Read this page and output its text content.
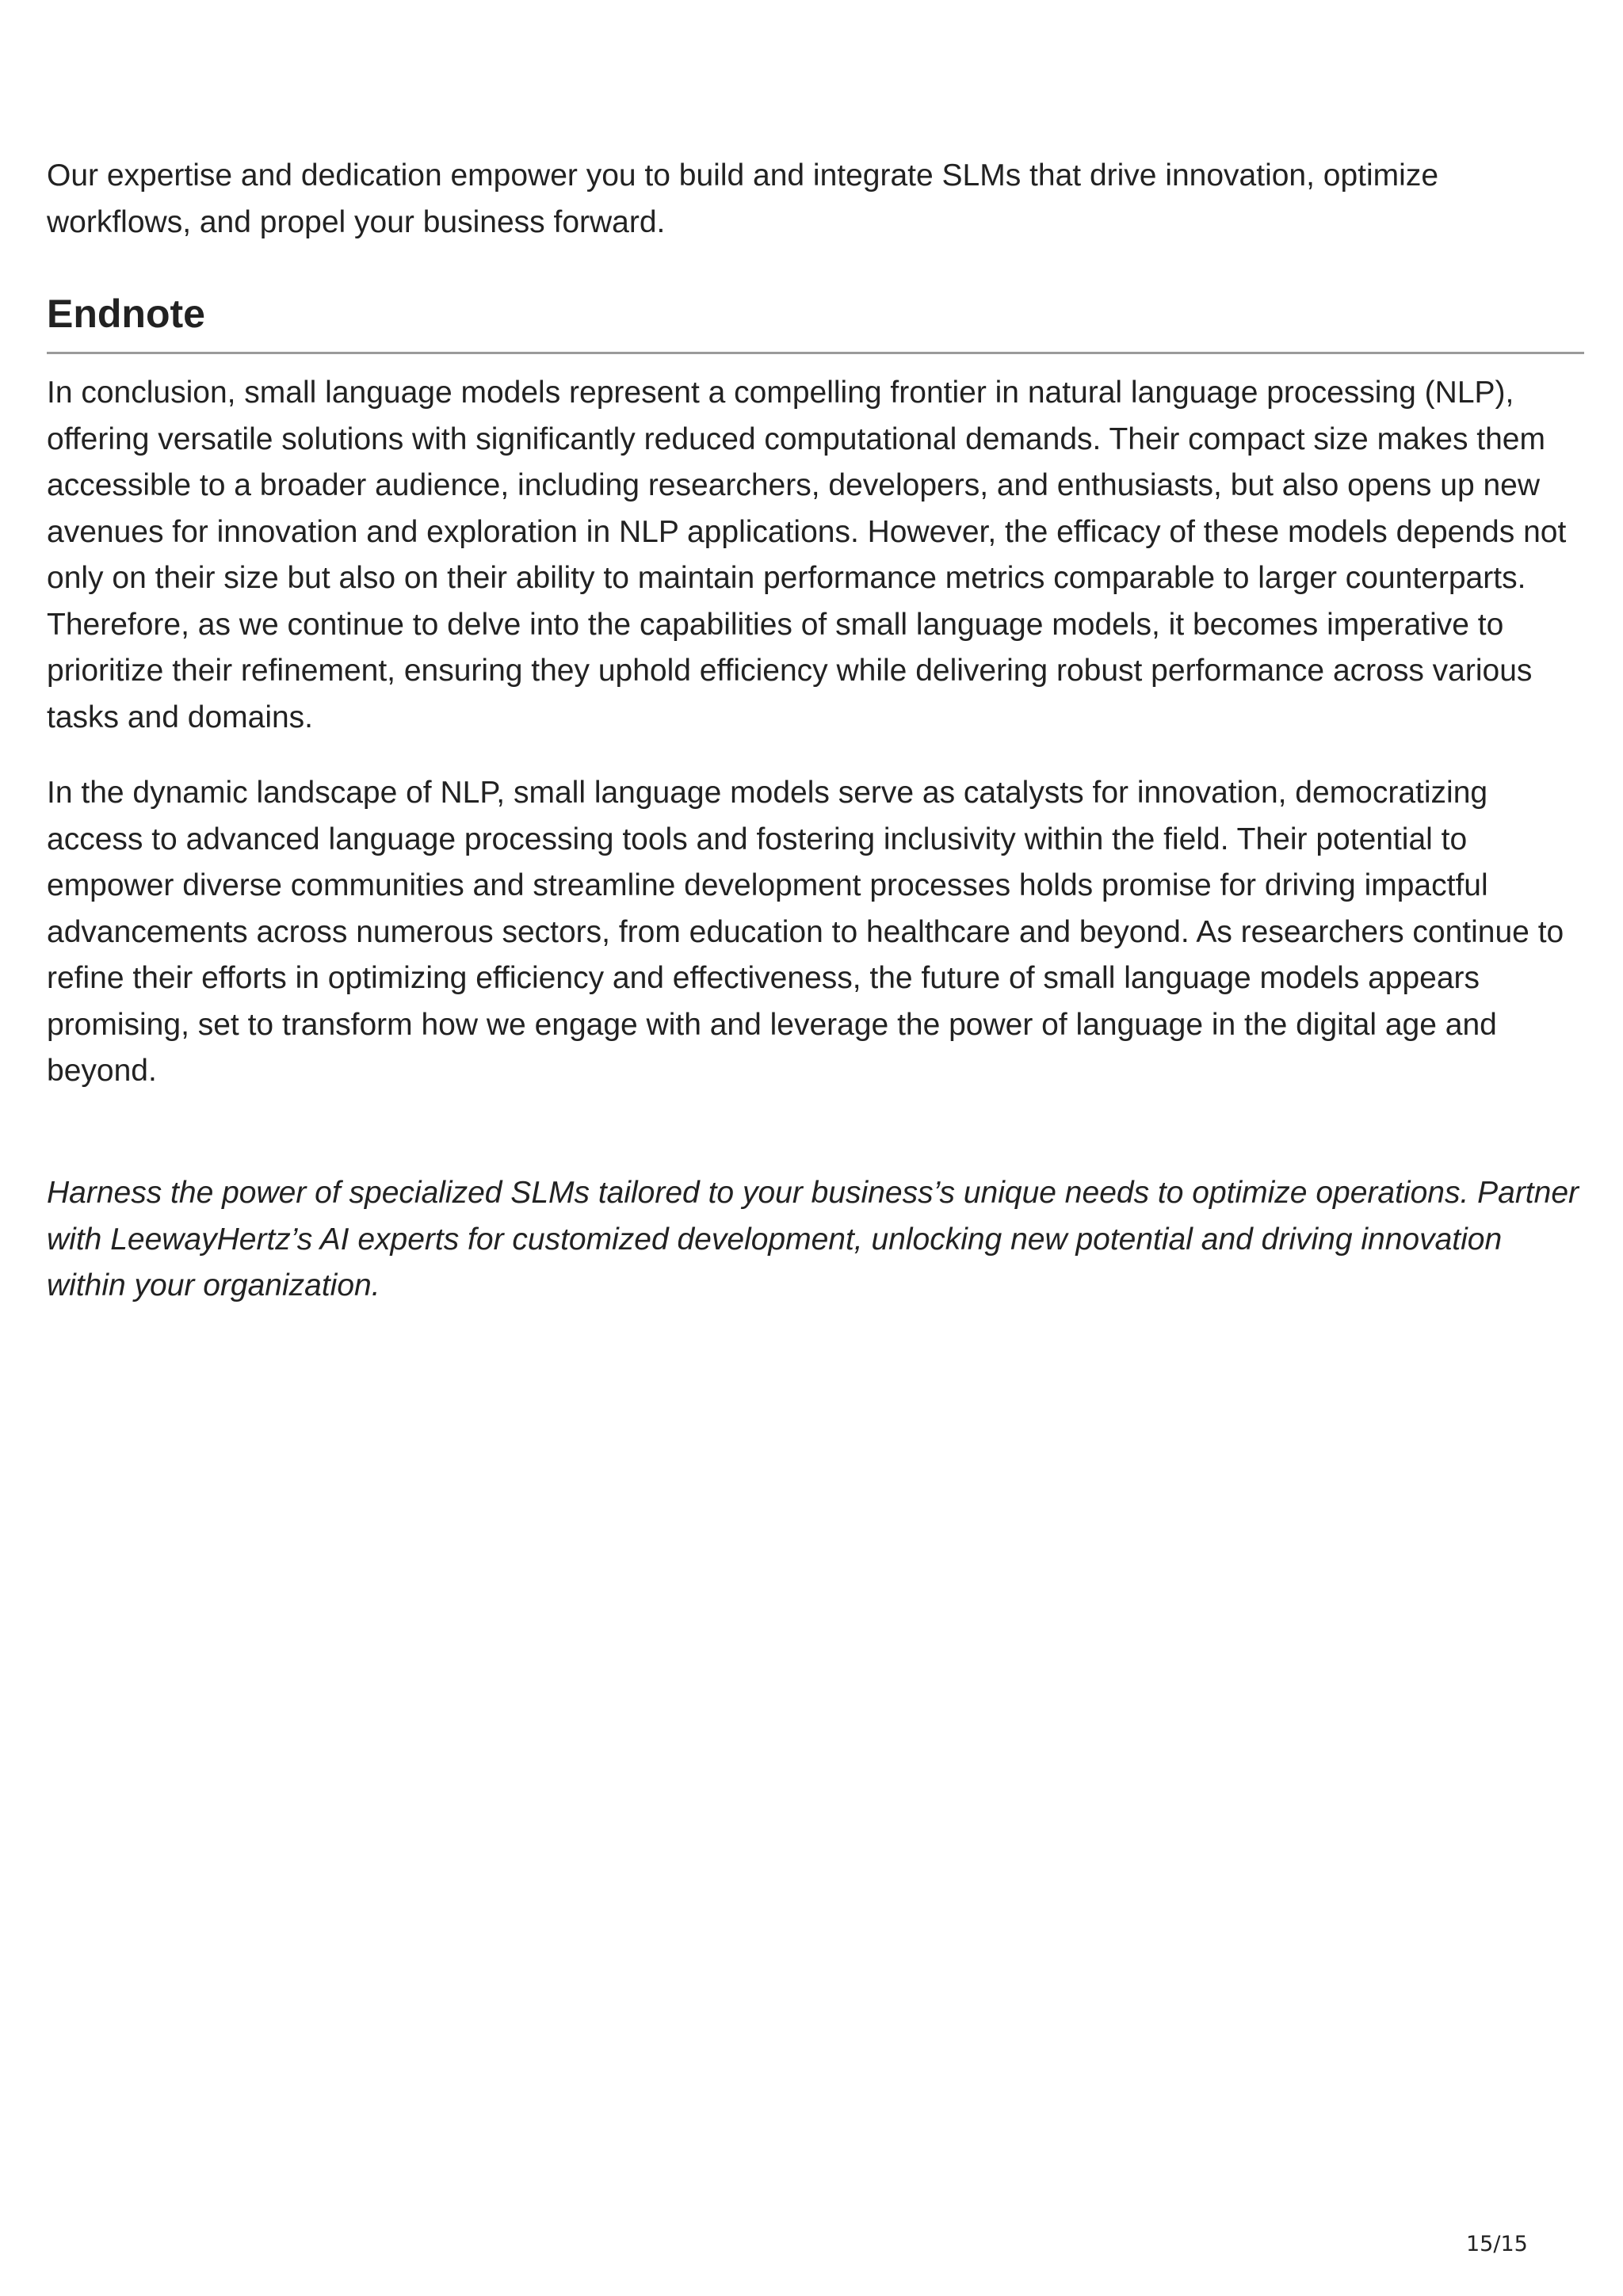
Our expertise and dedication empower you to build and integrate SLMs that drive innovation, optimize workflows, and propel your business forward.

Endnote

In conclusion, small language models represent a compelling frontier in natural language processing (NLP), offering versatile solutions with significantly reduced computational demands. Their compact size makes them accessible to a broader audience, including researchers, developers, and enthusiasts, but also opens up new avenues for innovation and exploration in NLP applications. However, the efficacy of these models depends not only on their size but also on their ability to maintain performance metrics comparable to larger counterparts. Therefore, as we continue to delve into the capabilities of small language models, it becomes imperative to prioritize their refinement, ensuring they uphold efficiency while delivering robust performance across various tasks and domains.

In the dynamic landscape of NLP, small language models serve as catalysts for innovation, democratizing access to advanced language processing tools and fostering inclusivity within the field. Their potential to empower diverse communities and streamline development processes holds promise for driving impactful advancements across numerous sectors, from education to healthcare and beyond. As researchers continue to refine their efforts in optimizing efficiency and effectiveness, the future of small language models appears promising, set to transform how we engage with and leverage the power of language in the digital age and beyond.

Harness the power of specialized SLMs tailored to your business’s unique needs to optimize operations. Partner with LeewayHertz’s AI experts for customized development, unlocking new potential and driving innovation within your organization.

15/15
